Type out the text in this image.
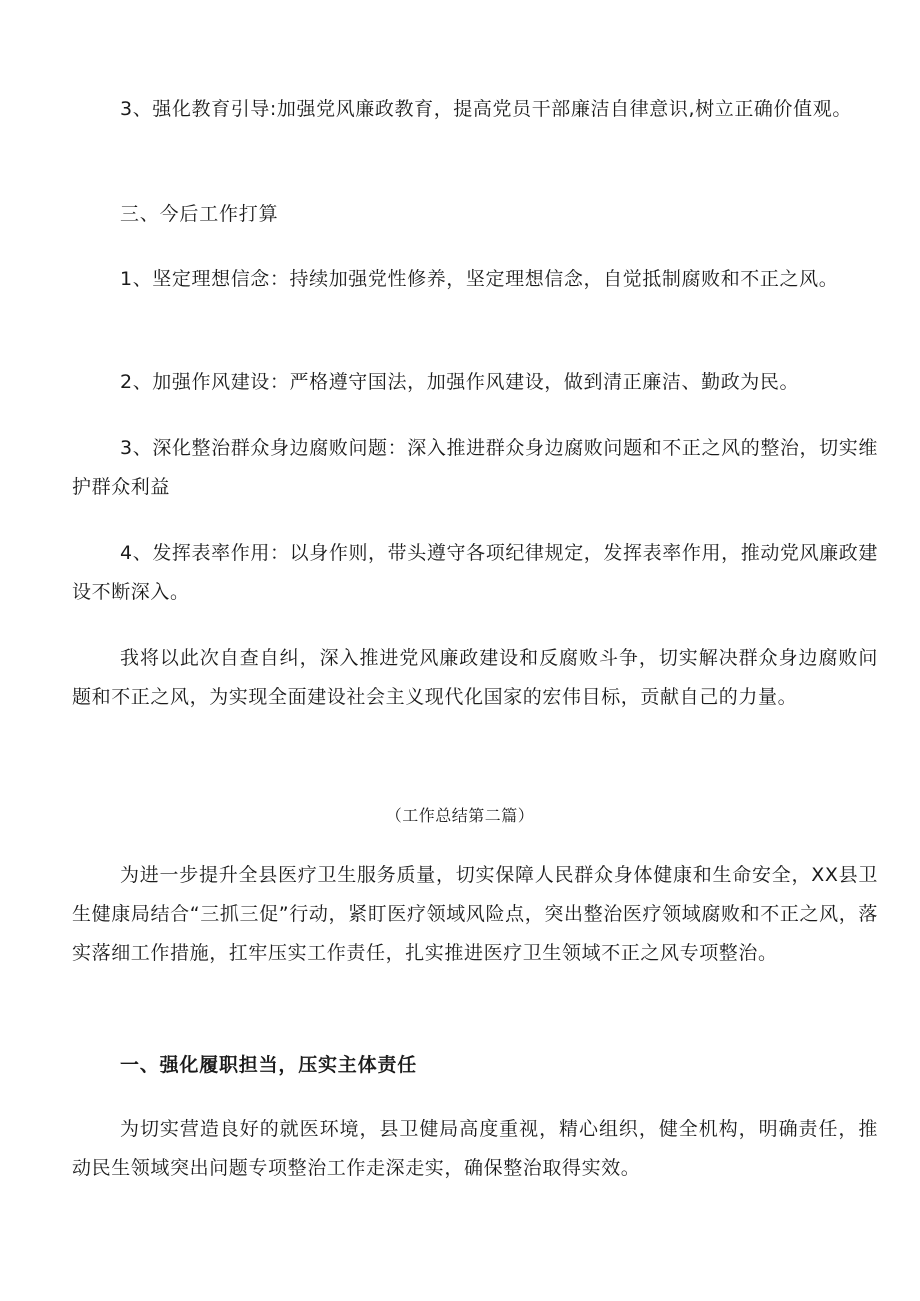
3、强化教育引导:加强党风廉政教育，提高党员干部廉洁自律意识,树立正确价值观。

三、今后工作打算

1、坚定理想信念：持续加强党性修养，坚定理想信念，自觉抵制腐败和不正之风。

2、加强作风建设：严格遵守国法，加强作风建设，做到清正廉洁、勤政为民。

3、深化整治群众身边腐败问题：深入推进群众身边腐败问题和不正之风的整治，切实维护群众利益

4、发挥表率作用：以身作则，带头遵守各项纪律规定，发挥表率作用，推动党风廉政建设不断深入。

我将以此次自查自纠，深入推进党风廉政建设和反腐败斗争，切实解决群众身边腐败问题和不正之风，为实现全面建设社会主义现代化国家的宏伟目标，贡献自己的力量。

（工作总结第二篇）

为进一步提升全县医疗卫生服务质量，切实保障人民群众身体健康和生命安全，XX县卫生健康局结合“三抓三促”行动，紧盯医疗领域风险点，突出整治医疗领域腐败和不正之风，落实落细工作措施，扛牢压实工作责任，扎实推进医疗卫生领域不正之风专项整治。

一、强化履职担当，压实主体责任

为切实营造良好的就医环境，县卫健局高度重视，精心组织，健全机构，明确责任，推动民生领域突出问题专项整治工作走深走实，确保整治取得实效。
